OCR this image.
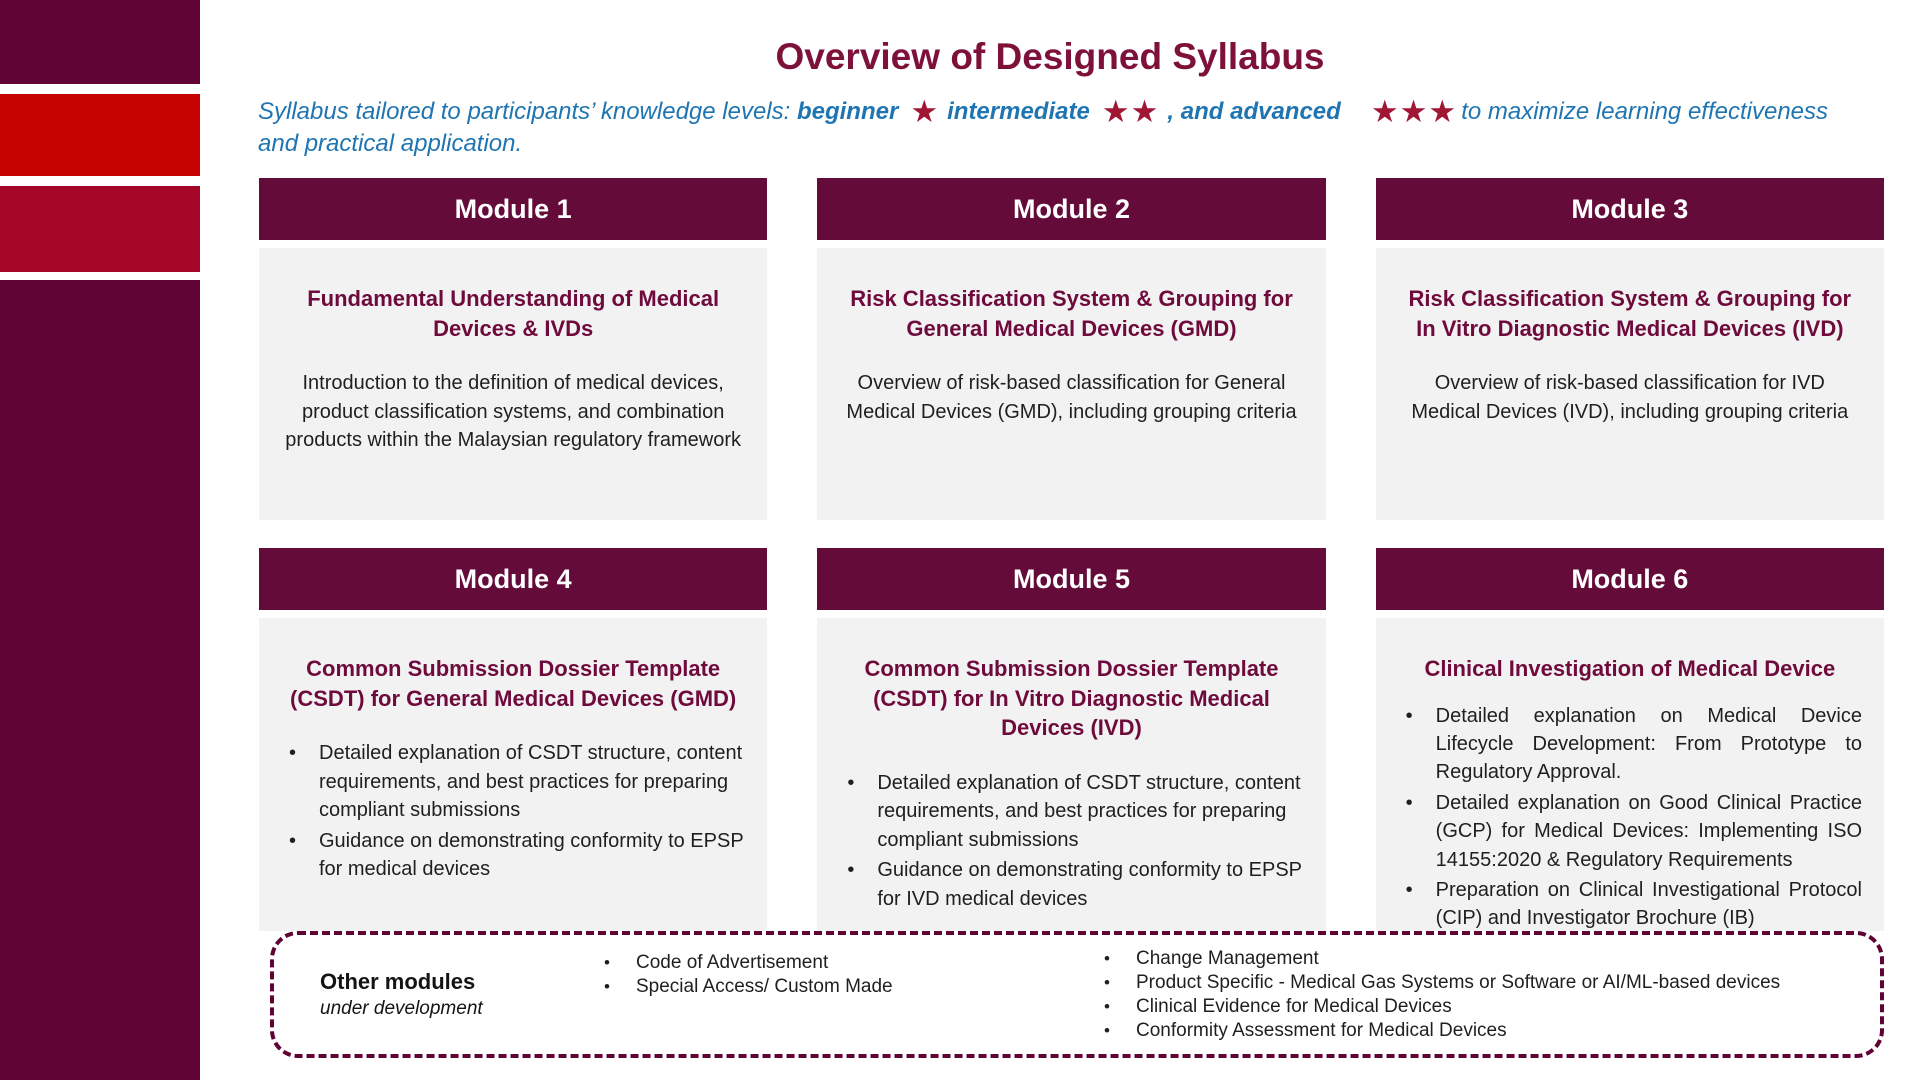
Overview of Designed Syllabus
Syllabus tailored to participants’ knowledge levels: beginner ★ intermediate ★★ , and advanced ★★★ to maximize learning effectiveness and practical application.
Module 1
Fundamental Understanding of Medical Devices & IVDs
Introduction to the definition of medical devices, product classification systems, and combination products within the Malaysian regulatory framework
Module 2
Risk Classification System & Grouping for General Medical Devices (GMD)
Overview of risk-based classification for General Medical Devices (GMD), including grouping criteria
Module 3
Risk Classification System & Grouping for In Vitro Diagnostic Medical Devices (IVD)
Overview of risk-based classification for IVD Medical Devices (IVD), including grouping criteria
Module 4
Common Submission Dossier Template (CSDT) for General Medical Devices (GMD)
• Detailed explanation of CSDT structure, content requirements, and best practices for preparing compliant submissions
• Guidance on demonstrating conformity to EPSP for medical devices
Module 5
Common Submission Dossier Template (CSDT) for In Vitro Diagnostic Medical Devices (IVD)
• Detailed explanation of CSDT structure, content requirements, and best practices for preparing compliant submissions
• Guidance on demonstrating conformity to EPSP for IVD medical devices
Module 6
Clinical Investigation of Medical Device
• Detailed explanation on Medical Device Lifecycle Development: From Prototype to Regulatory Approval.
• Detailed explanation on Good Clinical Practice (GCP) for Medical Devices: Implementing ISO 14155:2020 & Regulatory Requirements
• Preparation on Clinical Investigational Protocol (CIP) and Investigator Brochure (IB)
Other modules
under development
• Code of Advertisement
• Special Access/ Custom Made
• Change Management
• Product Specific - Medical Gas Systems or Software or AI/ML-based devices
• Clinical Evidence for Medical Devices
• Conformity Assessment for Medical Devices
